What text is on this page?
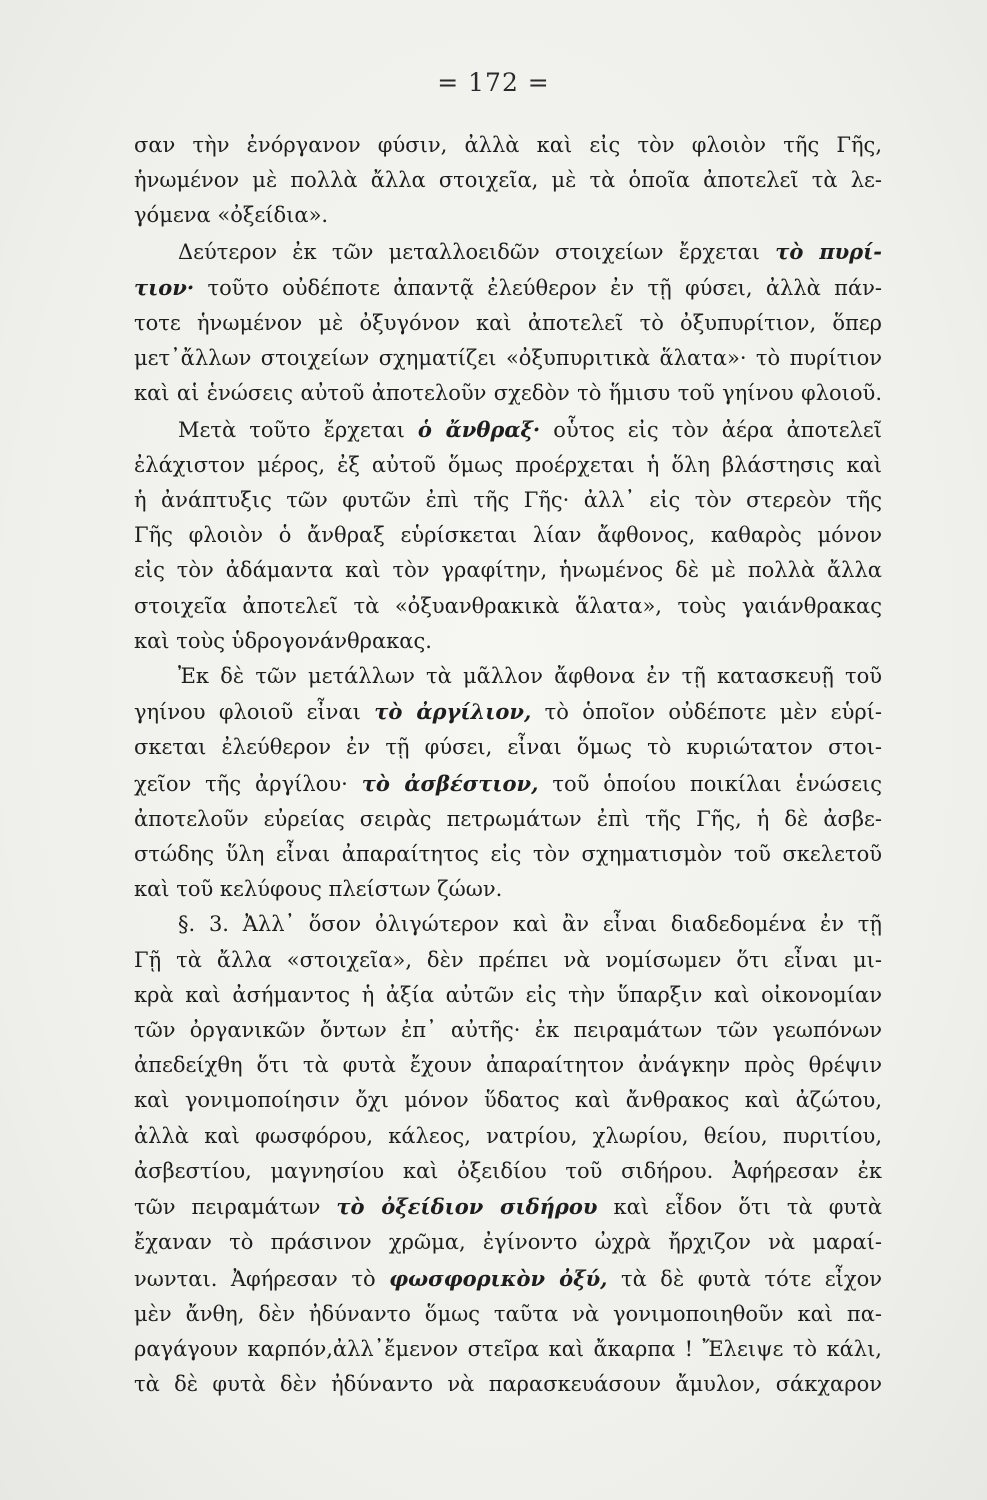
= 172 =
σαν τὴν ἐνόργανον φύσιν, ἀλλὰ καὶ εἰς τὸν φλοιὸν τῆς Γῆς,
ἡνωμένον μὲ πολλὰ ἄλλα στοιχεῖα, μὲ τὰ ὁποῖα ἀποτελεῖ τὰ λε-
γόμενα «ὀξείδια».
Δεύτερον ἐκ τῶν μεταλλοειδῶν στοιχείων ἔρχεται τὸ πυρί-
τιον· τοῦτο οὐδέποτε ἀπαντᾷ ἐλεύθερον ἐν τῇ φύσει, ἀλλὰ πάν-
τοτε ἡνωμένον μὲ ὀξυγόνον καὶ ἀποτελεῖ τὸ ὀξυπυρίτιον, ὅπερ
μετ᾽ἄλλων στοιχείων σχηματίζει «ὀξυπυριτικὰ ἅλατα»· τὸ πυρίτιον
καὶ αἱ ἑνώσεις αὐτοῦ ἀποτελοῦν σχεδὸν τὸ ἥμισυ τοῦ γηίνου φλοιοῦ.
Μετὰ τοῦτο ἔρχεται ὁ ἄνθραξ· οὗτος εἰς τὸν ἀέρα ἀποτελεῖ
ἐλάχιστον μέρος, ἐξ αὐτοῦ ὅμως προέρχεται ἡ ὅλη βλάστησις καὶ
ἡ ἀνάπτυξις τῶν φυτῶν ἐπὶ τῆς Γῆς· ἀλλ᾽ εἰς τὸν στερεὸν τῆς
Γῆς φλοιὸν ὁ ἄνθραξ εὑρίσκεται λίαν ἄφθονος, καθαρὸς μόνον
εἰς τὸν ἀδάμαντα καὶ τὸν γραφίτην, ἡνωμένος δὲ μὲ πολλὰ ἄλλα
στοιχεῖα ἀποτελεῖ τὰ «ὀξυανθρακικὰ ἅλατα», τοὺς γαιάνθρακας
καὶ τοὺς ὑδρογονάνθρακας.
Ἐκ δὲ τῶν μετάλλων τὰ μᾶλλον ἄφθονα ἐν τῇ κατασκευῇ τοῦ
γηίνου φλοιοῦ εἶναι τὸ ἀργίλιον, τὸ ὁποῖον οὐδέποτε μὲν εὑρί-
σκεται ἐλεύθερον ἐν τῇ φύσει, εἶναι ὅμως τὸ κυριώτατον στοι-
χεῖον τῆς ἀργίλου· τὸ ἀσβέστιον, τοῦ ὁποίου ποικίλαι ἑνώσεις
ἀποτελοῦν εὐρείας σειρὰς πετρωμάτων ἐπὶ τῆς Γῆς, ἡ δὲ ἀσβε-
στώδης ὕλη εἶναι ἀπαραίτητος εἰς τὸν σχηματισμὸν τοῦ σκελετοῦ
καὶ τοῦ κελύφους πλείστων ζώων.
§. 3. Ἀλλ᾽ ὅσον ὀλιγώτερον καὶ ἂν εἶναι διαδεδομένα ἐν τῇ
Γῇ τὰ ἄλλα «στοιχεῖα», δὲν πρέπει νὰ νομίσωμεν ὅτι εἶναι μι-
κρὰ καὶ ἀσήμαντος ἡ ἀξία αὐτῶν εἰς τὴν ὕπαρξιν καὶ οἰκονομίαν
τῶν ὀργανικῶν ὄντων ἐπ᾽ αὐτῆς· ἐκ πειραμάτων τῶν γεωπόνων
ἀπεδείχθη ὅτι τὰ φυτὰ ἔχουν ἀπαραίτητον ἀνάγκην πρὸς θρέψιν
καὶ γονιμοποίησιν ὄχι μόνον ὕδατος καὶ ἄνθρακος καὶ ἀζώτου,
ἀλλὰ καὶ φωσφόρου, κάλεος, νατρίου, χλωρίου, θείου, πυριτίου,
ἀσβεστίου, μαγνησίου καὶ ὀξειδίου τοῦ σιδήρου. Ἀφήρεσαν ἐκ
τῶν πειραμάτων τὸ ὀξείδιον σιδήρου καὶ εἶδον ὅτι τὰ φυτὰ
ἔχαναν τὸ πράσινον χρῶμα, ἐγίνοντο ὠχρὰ ἤρχιζον νὰ μαραί-
νωνται. Ἀφήρεσαν τὸ φωσφορικὸν ὀξύ, τὰ δὲ φυτὰ τότε εἶχον
μὲν ἄνθη, δὲν ἠδύναντο ὅμως ταῦτα νὰ γονιμοποιηθοῦν καὶ πα-
ραγάγουν καρπόν,ἀλλ᾽ἔμενον στεῖρα καὶ ἄκαρπα ! Ἔλειψε τὸ κάλι,
τὰ δὲ φυτὰ δὲν ἠδύναντο νὰ παρασκευάσουν ἄμυλον, σάκχαρον
